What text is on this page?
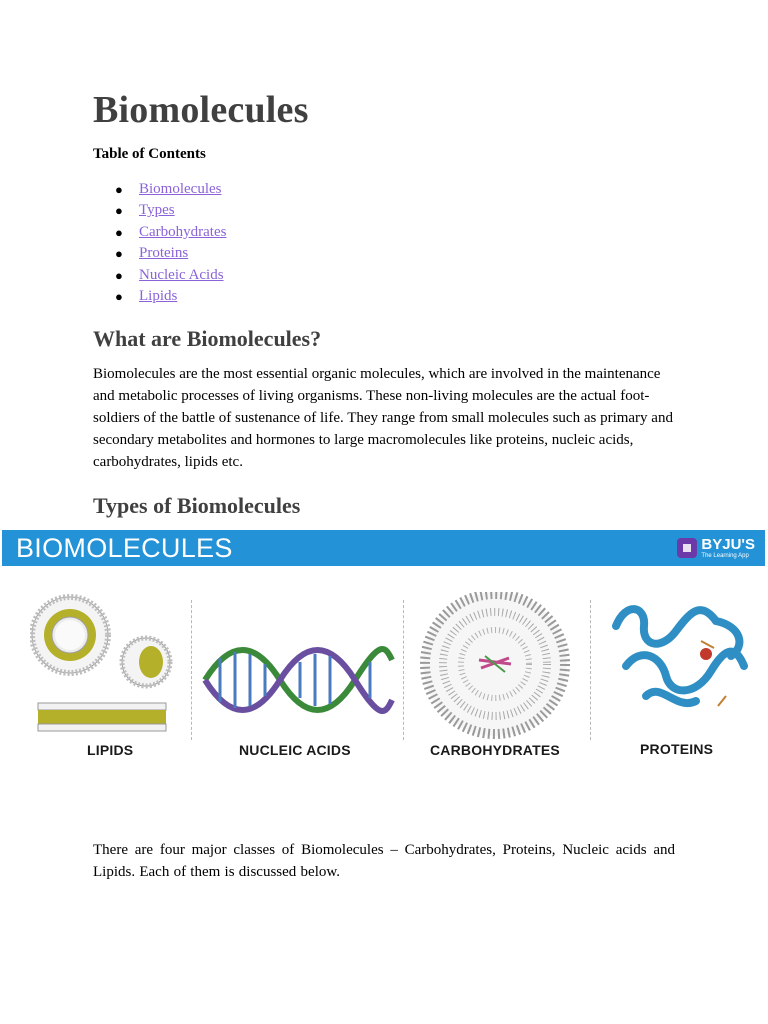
Biomolecules

Table of Contents

● Biomolecules
● Types
● Carbohydrates
● Proteins
● Nucleic Acids
● Lipids
What are Biomolecules?

Biomolecules are the most essential organic molecules, which are involved in the maintenance and metabolic processes of living organisms. These non-living molecules are the actual foot-soldiers of the battle of sustenance of life. They range from small molecules such as primary and secondary metabolites and hormones to large macromolecules like proteins, nucleic acids, carbohydrates, lipids etc.

Types of Biomolecules
BIOMOLECULES	BYJU'S
The Learning App
LIPIDS	NUCLEIC ACIDS	CARBOHYDRATES	PROTEINS

There are four major classes of Biomolecules – Carbohydrates, Proteins, Nucleic acids and Lipids. Each of them is discussed below.
